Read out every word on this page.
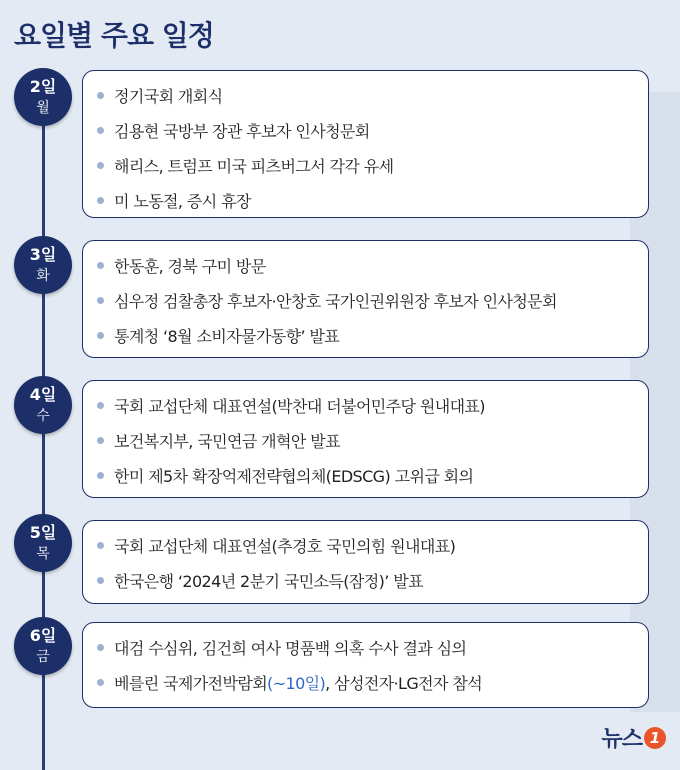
요일별 주요 일정
2일
월
정기국회 개회식
김용현 국방부 장관 후보자 인사청문회
해리스, 트럼프 미국 피츠버그서 각각 유세
미 노동절, 증시 휴장
3일
화	한동훈, 경북 구미 방문
심우정 검찰총장 후보자·안창호 국가인권위원장 후보자 인사청문회
통계청 ‘8월 소비자물가동향’ 발표
4일
수	국회 교섭단체 대표연설(박찬대 더불어민주당 원내대표)
보건복지부, 국민연금 개혁안 발표
한미 제5차 확장억제전략협의체(EDSCG) 고위급 회의
5일
목	국회 교섭단체 대표연설(추경호 국민의힘 원내대표)
한국은행 ‘2024년 2분기 국민소득(잠정)’ 발표
6일
금	대검 수심위, 김건희 여사 명품백 의혹 수사 결과 심의
베를린 국제가전박람회(~10일), 삼성전자·LG전자 참석
뉴스 1
